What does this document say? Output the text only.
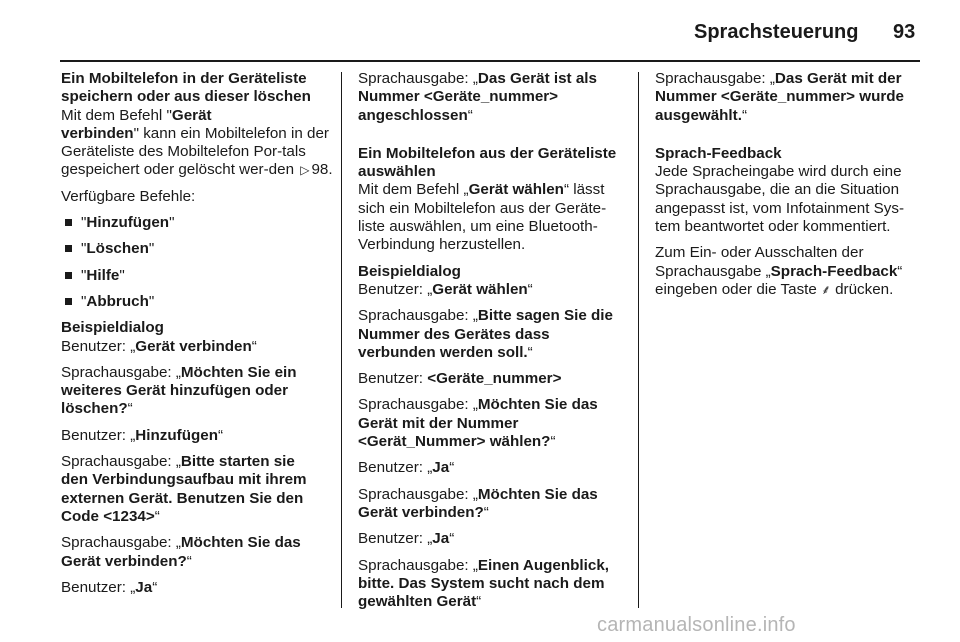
Sprachsteuerung 93

Ein Mobiltelefon in der Geräteliste
speichern oder aus dieser löschen

Mit dem Befehl "Gerät
verbinden" kann ein Mobiltelefon in der Geräteliste des Mobiltelefon Por-tals gespeichert oder gelöscht wer-den ▷ 98.

Verfügbare Befehle:

"Hinzufügen"
"Löschen"
"Hilfe"
"Abbruch"

Beispieldialog

Benutzer: „Gerät verbinden“

Sprachausgabe: „Möchten Sie ein
weiteres Gerät hinzufügen oder
löschen?“

Benutzer: „Hinzufügen“

Sprachausgabe: „Bitte starten sie
den Verbindungsaufbau mit ihrem
externen Gerät. Benutzen Sie den
Code <1234>“

Sprachausgabe: „Möchten Sie das
Gerät verbinden?“

Benutzer: „Ja“

Sprachausgabe: „Das Gerät ist als
Nummer <Geräte_nummer>
angeschlossen“

Ein Mobiltelefon aus der Geräteliste
auswählen

Mit dem Befehl „Gerät wählen“ lässt sich ein Mobiltelefon aus der Geräte-liste auswählen, um eine Bluetooth-Verbindung herzustellen.

Beispieldialog

Benutzer: „Gerät wählen“

Sprachausgabe: „Bitte sagen Sie die
Nummer des Gerätes dass
verbunden werden soll.“

Benutzer: <Geräte_nummer>

Sprachausgabe: „Möchten Sie das
Gerät mit der Nummer
<Gerät_Nummer> wählen?“

Benutzer: „Ja“

Sprachausgabe: „Möchten Sie das
Gerät verbinden?“

Benutzer: „Ja“

Sprachausgabe: „Einen Augenblick,
bitte. Das System sucht nach dem
gewählten Gerät“

Sprachausgabe: „Das Gerät mit der
Nummer <Geräte_nummer> wurde
ausgewählt.“

Sprach-Feedback

Jede Spracheingabe wird durch eine Sprachausgabe, die an die Situation angepasst ist, vom Infotainment Sys-tem beantwortet oder kommentiert.

Zum Ein- oder Ausschalten der Sprachausgabe „Sprach-Feedback“ eingeben oder die Taste ⸙ drücken.

carmanualsonline.info
